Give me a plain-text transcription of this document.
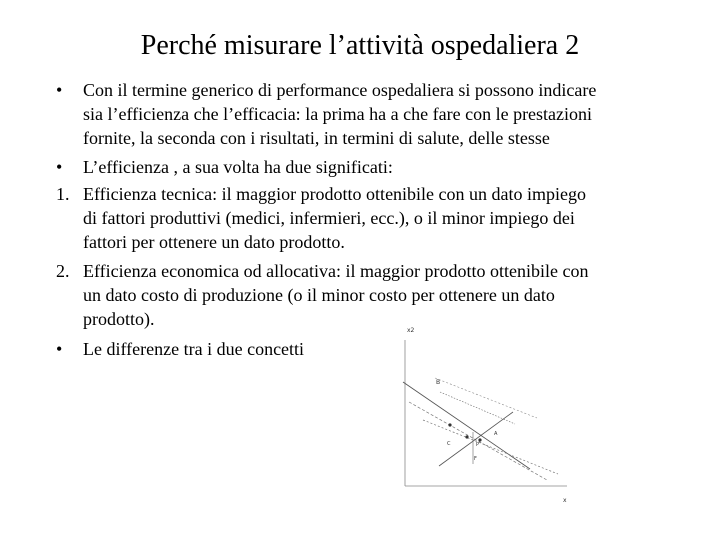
Perché misurare l’attività ospedaliera 2
•	Con il termine generico di performance ospedaliera si possono indicare
sia l’efficienza che l’efficacia: la prima ha a che fare con le prestazioni
fornite, la seconda con i risultati, in termini di salute, delle stesse
•	L’efficienza , a sua volta ha due significati:
1. Efficienza tecnica: il maggior prodotto ottenibile con un dato impiego
di fattori produttivi (medici, infermieri, ecc.), o il minor impiego dei
fattori per ottenere un dato prodotto.
2. Efficienza economica od allocativa: il maggior prodotto ottenibile con
un dato costo di produzione (o il minor costo per ottenere un dato
prodotto).
•	Le differenze tra i due concetti
x2
x
B
A
C	P
F
